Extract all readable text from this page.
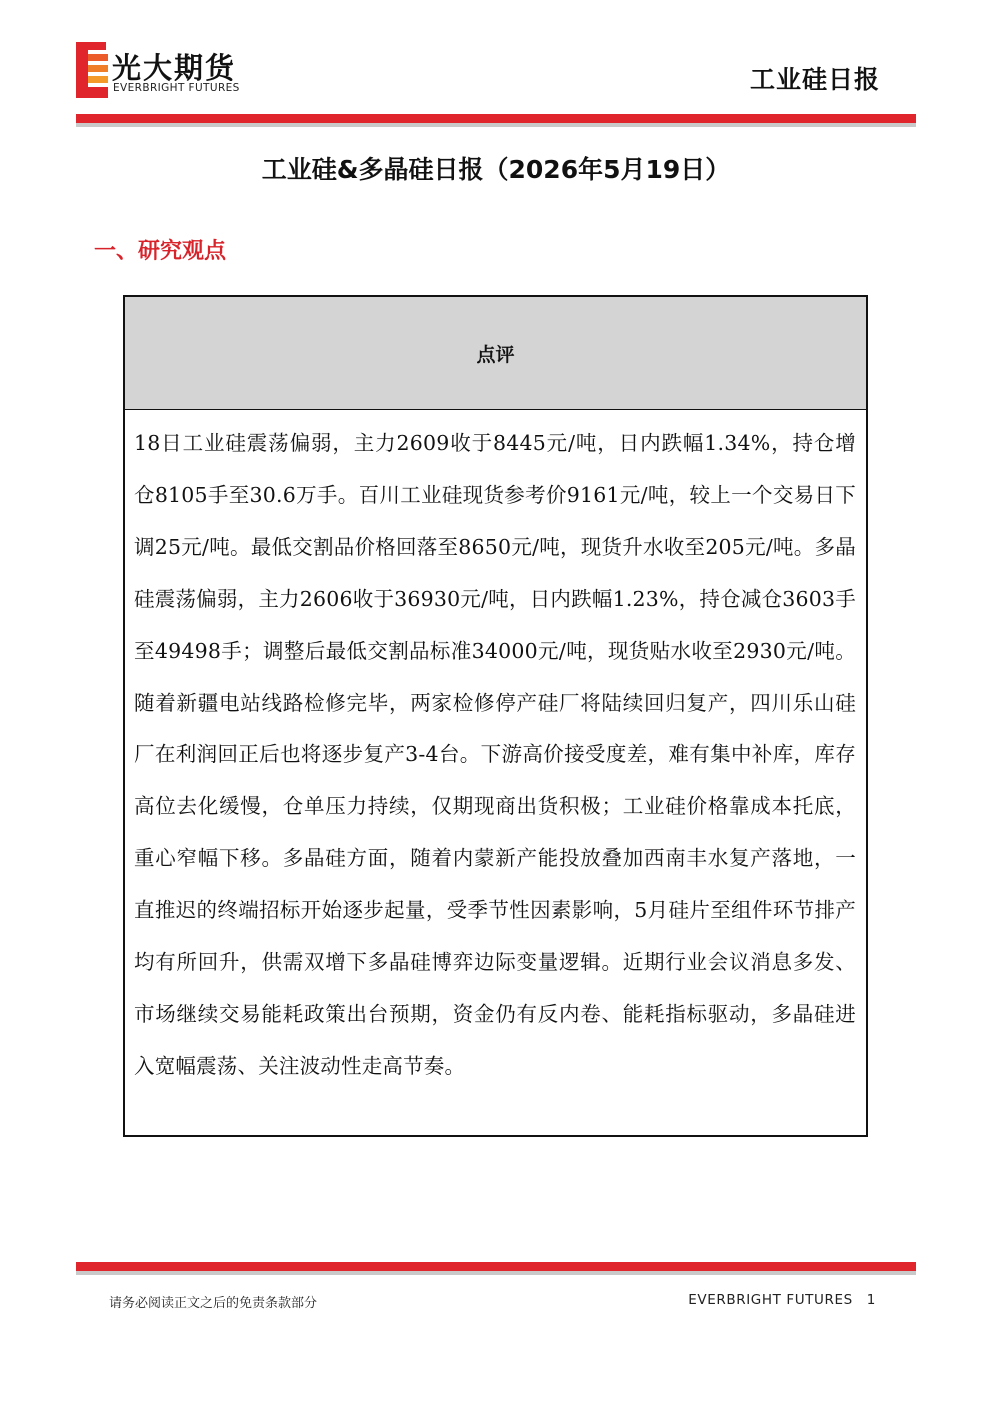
光大期货
EVERBRIGHT FUTURES	工业硅日报
工业硅&多晶硅日报（2026年5月19日）
一、研究观点
点评
18日工业硅震荡偏弱，主力2609收于8445元/吨，日内跌幅1.34%，持仓增仓8105手至30.6万手。百川工业硅现货参考价9161元/吨，较上一个交易日下调25元/吨。最低交割品价格回落至8650元/吨，现货升水收至205元/吨。多晶硅震荡偏弱，主力2606收于36930元/吨，日内跌幅1.23%，持仓减仓3603手至49498手；调整后最低交割品标准34000元/吨，现货贴水收至2930元/吨。随着新疆电站线路检修完毕，两家检修停产硅厂将陆续回归复产，四川乐山硅厂在利润回正后也将逐步复产3-4台。下游高价接受度差，难有集中补库，库存高位去化缓慢，仓单压力持续，仅期现商出货积极；工业硅价格靠成本托底，重心窄幅下移。多晶硅方面，随着内蒙新产能投放叠加西南丰水复产落地，一直推迟的终端招标开始逐步起量，受季节性因素影响，5月硅片至组件环节排产均有所回升，供需双增下多晶硅博弈边际变量逻辑。近期行业会议消息多发、市场继续交易能耗政策出台预期，资金仍有反内卷、能耗指标驱动，多晶硅进入宽幅震荡、关注波动性走高节奏。
请务必阅读正文之后的免责条款部分	EVERBRIGHT FUTURES 1
